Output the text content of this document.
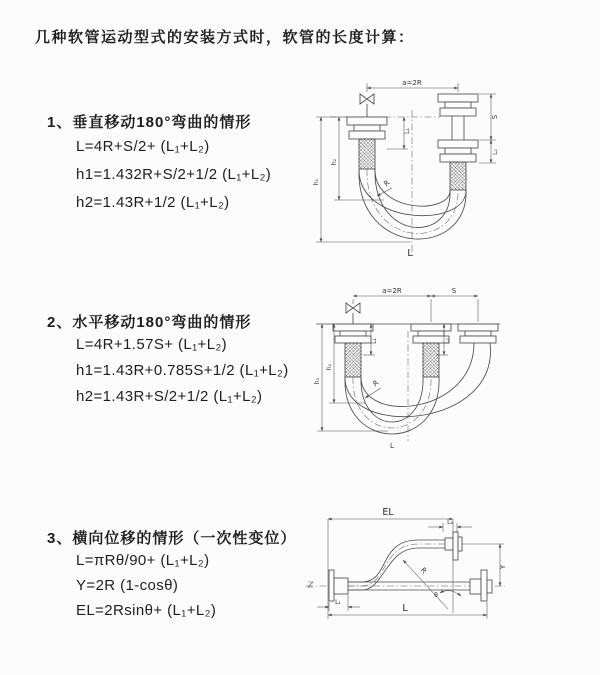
几种软管运动型式的安装方式时，软管的长度计算：
1、垂直移动180°弯曲的情形
L=4R+S/2+ (L₁+L₂)
h1=1.432R+S/2+1/2 (L₁+L₂)
h2=1.43R+1/2 (L₁+L₂)
2、水平移动180°弯曲的情形
L=4R+1.57S+ (L₁+L₂)
h1=1.43R+0.785S+1/2 (L₁+L₂)
h2=1.43R+S/2+1/2 (L₁+L₂)
3、横向位移的情形（一次性变位）
L=πRθ/90+ (L₁+L₂)
Y=2R (1-cosθ)
EL=2Rsinθ+ (L₁+L₂)
a=2R
L₁
S
L₂
h₁
h₂
R
L
a=2R	S
L₁	L₂
h₁
h₂
R
L
EL
L₂
Y
R
θ
L
L₁
